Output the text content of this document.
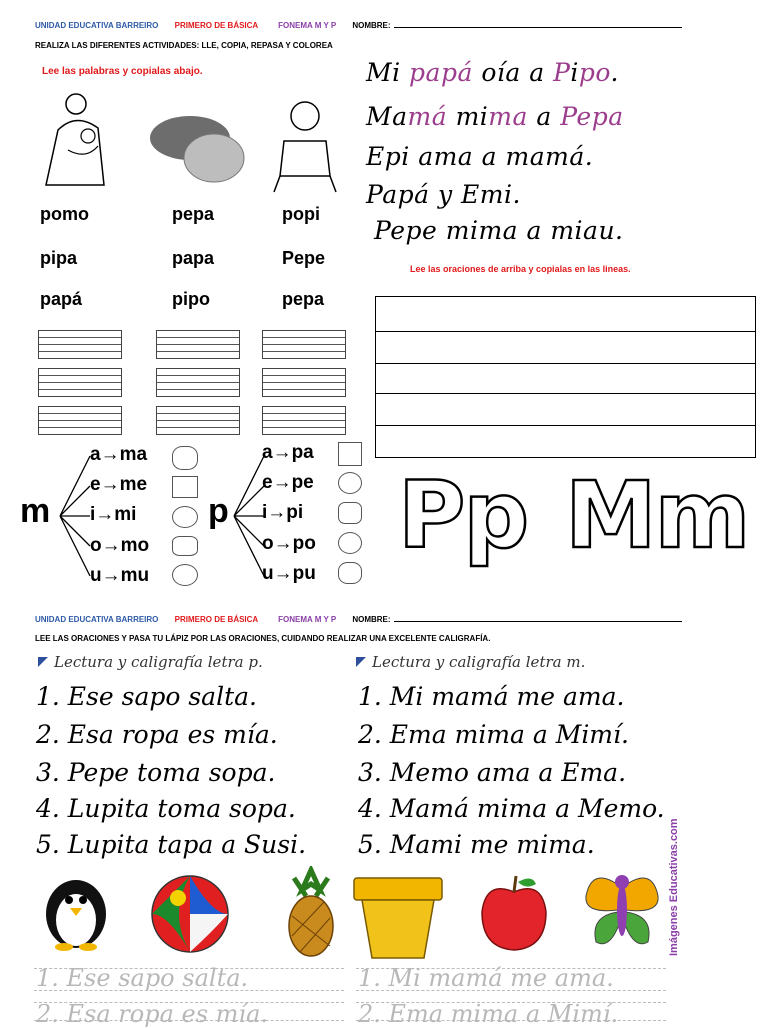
UNIDAD EDUCATIVA BARREIRO PRIMERO DE BÁSICA	FONEMA M Y P NOMBRE:
REALIZA LAS DIFERENTES ACTIVIDADES: LLE, COPIA, REPASA Y COLOREA
Lee las palabras y copialas abajo.
pomo	pepa	popi
pipa	papa	Pepe
papá	pipo	pepa
Mi papá oía a Pipo.
Mamá mima a Pepa
Epi ama a mamá.
Papá y Emi.
Pepe mima a miau.
Lee las oraciones de arriba y copialas en las lineas.
m
a→ma
e→me
i→mi
o→mo
u→mu
p
a→pa
e→pe
i→pi
o→po
u→pu
Pp Mm
UNIDAD EDUCATIVA BARREIRO PRIMERO DE BÁSICA	FONEMA M Y P NOMBRE:
LEE LAS ORACIONES Y PASA TU LÁPIZ POR LAS ORACIONES, CUIDANDO REALIZAR UNA EXCELENTE CALIGRAFÍA.
Lectura y caligrafía letra p.	Lectura y caligrafía letra m.
1. Ese sapo salta.
2. Esa ropa es mía.
3. Pepe toma sopa.
4. Lupita toma sopa.
5. Lupita tapa a Susi.
1. Mi mamá me ama.
2. Ema mima a Mimí.
3. Memo ama a Ema.
4. Mamá mima a Memo.
5. Mami me mima.	Imágenes Educativas.com
1. Ese sapo salta.
2. Esa ropa es mía.
1. Mi mamá me ama.
2. Ema mima a Mimí.
